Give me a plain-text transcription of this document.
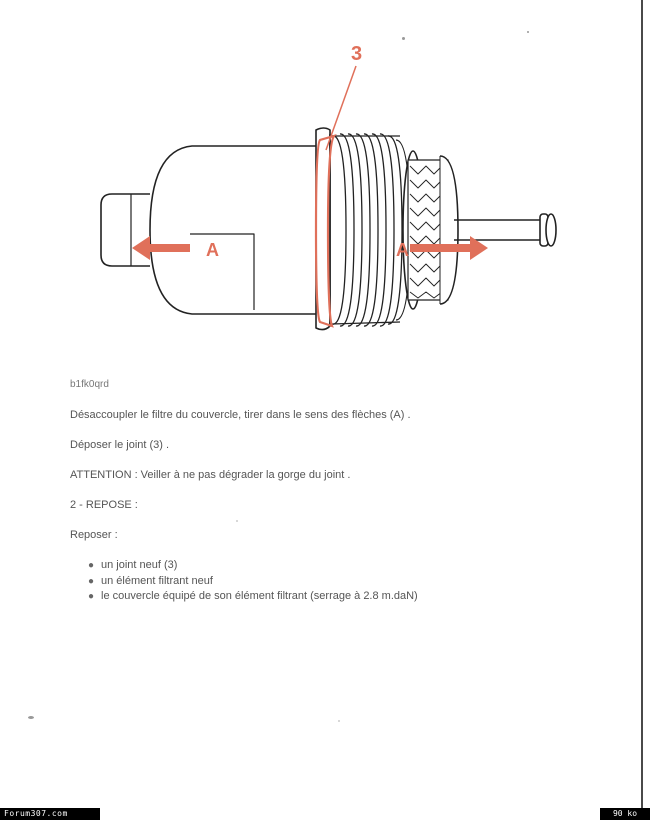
3
A	A
b1fk0qrd
Désaccoupler le filtre du couvercle, tirer dans le sens des flèches (A) .
Déposer le joint (3) .
ATTENTION : Veiller à ne pas dégrader la gorge du joint .
2 - REPOSE :
Reposer :
● un joint neuf (3)
● un élément filtrant neuf
● le couvercle équipé de son élément filtrant (serrage à 2.8 m.daN)
Forum307.com	90 ko
